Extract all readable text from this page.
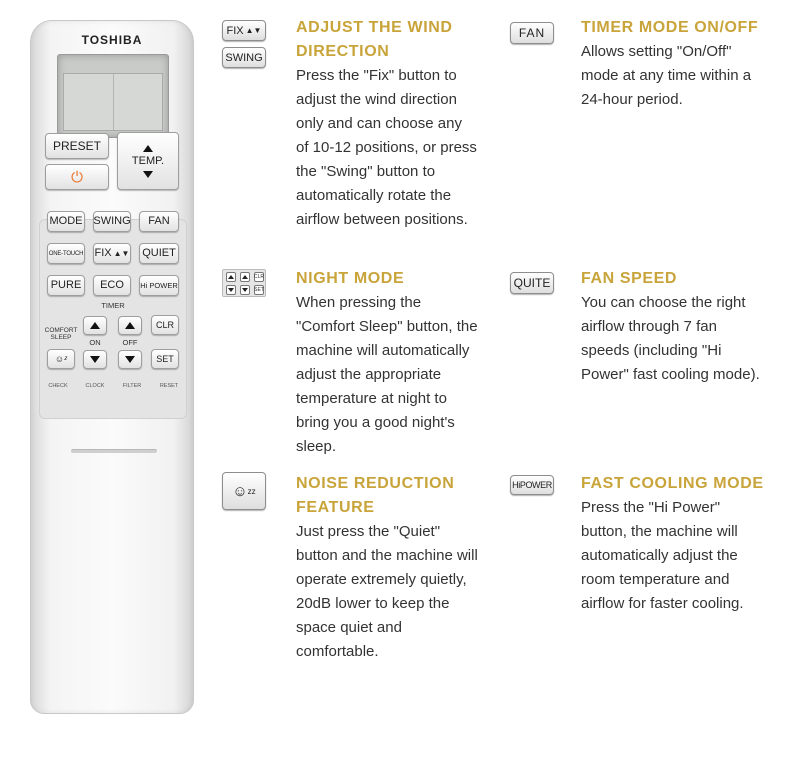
TOSHIBA
PRESET
⏻
TEMP.
MODE SWING	FAN
ONE-TOUCH FIX ▲▼ QUIET
PURE	ECO	Hi POWER
TIMER
COMFORT SLEEP
CLR
ON	OFF
☺ᶻ	SET
CHECK	CLOCK	FILTER	RESET
FIX ▲▼
SWING
FAN
CLR
SET	QUITE
☺ zz
HiPOWER
ADJUST THE WIND
DIRECTION
Press the "Fix" button to
adjust the wind direction
only and can choose any
of 10-12 positions, or press
the "Swing" button to
automatically rotate the
airflow between positions.
TIMER MODE ON/OFF
Allows setting "On/Off"
mode at any time within a
24-hour period.
NIGHT MODE
When pressing the
"Comfort Sleep" button, the
machine will automatically
adjust the appropriate
temperature at night to
bring you a good night's
sleep.
FAN SPEED
You can choose the right
airflow through 7 fan
speeds (including "Hi
Power" fast cooling mode).
NOISE REDUCTION
FEATURE
Just press the "Quiet"
button and the machine will
operate extremely quietly,
20dB lower to keep the
space quiet and
comfortable.
FAST COOLING MODE
Press the "Hi Power"
button, the machine will
automatically adjust the
room temperature and
airflow for faster cooling.
